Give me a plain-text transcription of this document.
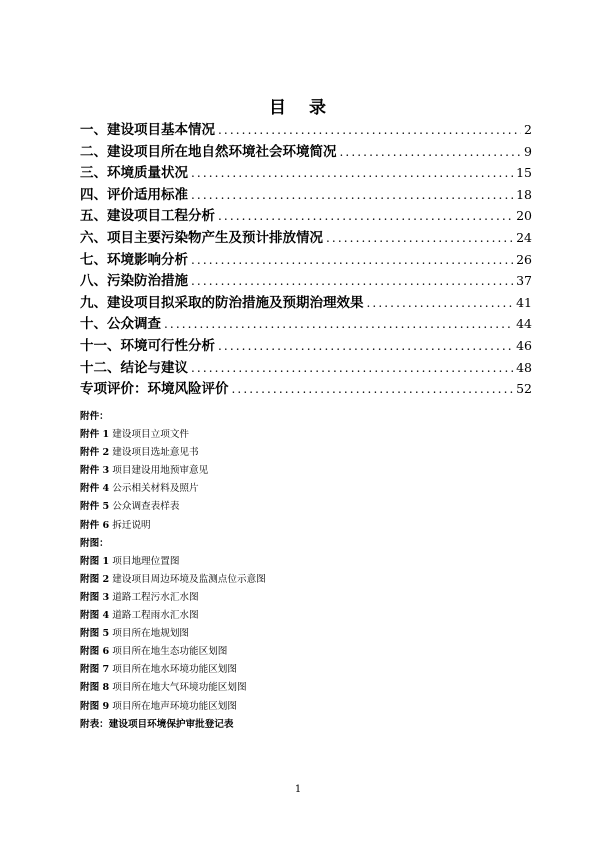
目 录
一、建设项目基本情况 .....	2
二、建设项目所在地自然环境社会环境简况 .....	9
三、环境质量状况 .....	15
四、评价适用标准 .....	18
五、建设项目工程分析 .....	20
六、项目主要污染物产生及预计排放情况 .....	24
七、环境影响分析 .....	26
八、污染防治措施 .....	37
九、建设项目拟采取的防治措施及预期治理效果 .....	41
十、公众调查 .....	44
十一、环境可行性分析 .....	46
十二、结论与建议 .....	48
专项评价：环境风险评价 .....	52
附件：
附件 1 建设项目立项文件
附件 2 建设项目选址意见书
附件 3 项目建设用地预审意见
附件 4 公示相关材料及照片
附件 5 公众调查表样表
附件 6 拆迁说明
附图：
附图 1 项目地理位置图
附图 2 建设项目周边环境及监测点位示意图
附图 3 道路工程污水汇水图
附图 4 道路工程雨水汇水图
附图 5 项目所在地规划图
附图 6 项目所在地生态功能区划图
附图 7 项目所在地水环境功能区划图
附图 8 项目所在地大气环境功能区划图
附图 9 项目所在地声环境功能区划图
附表：建设项目环境保护审批登记表
1
